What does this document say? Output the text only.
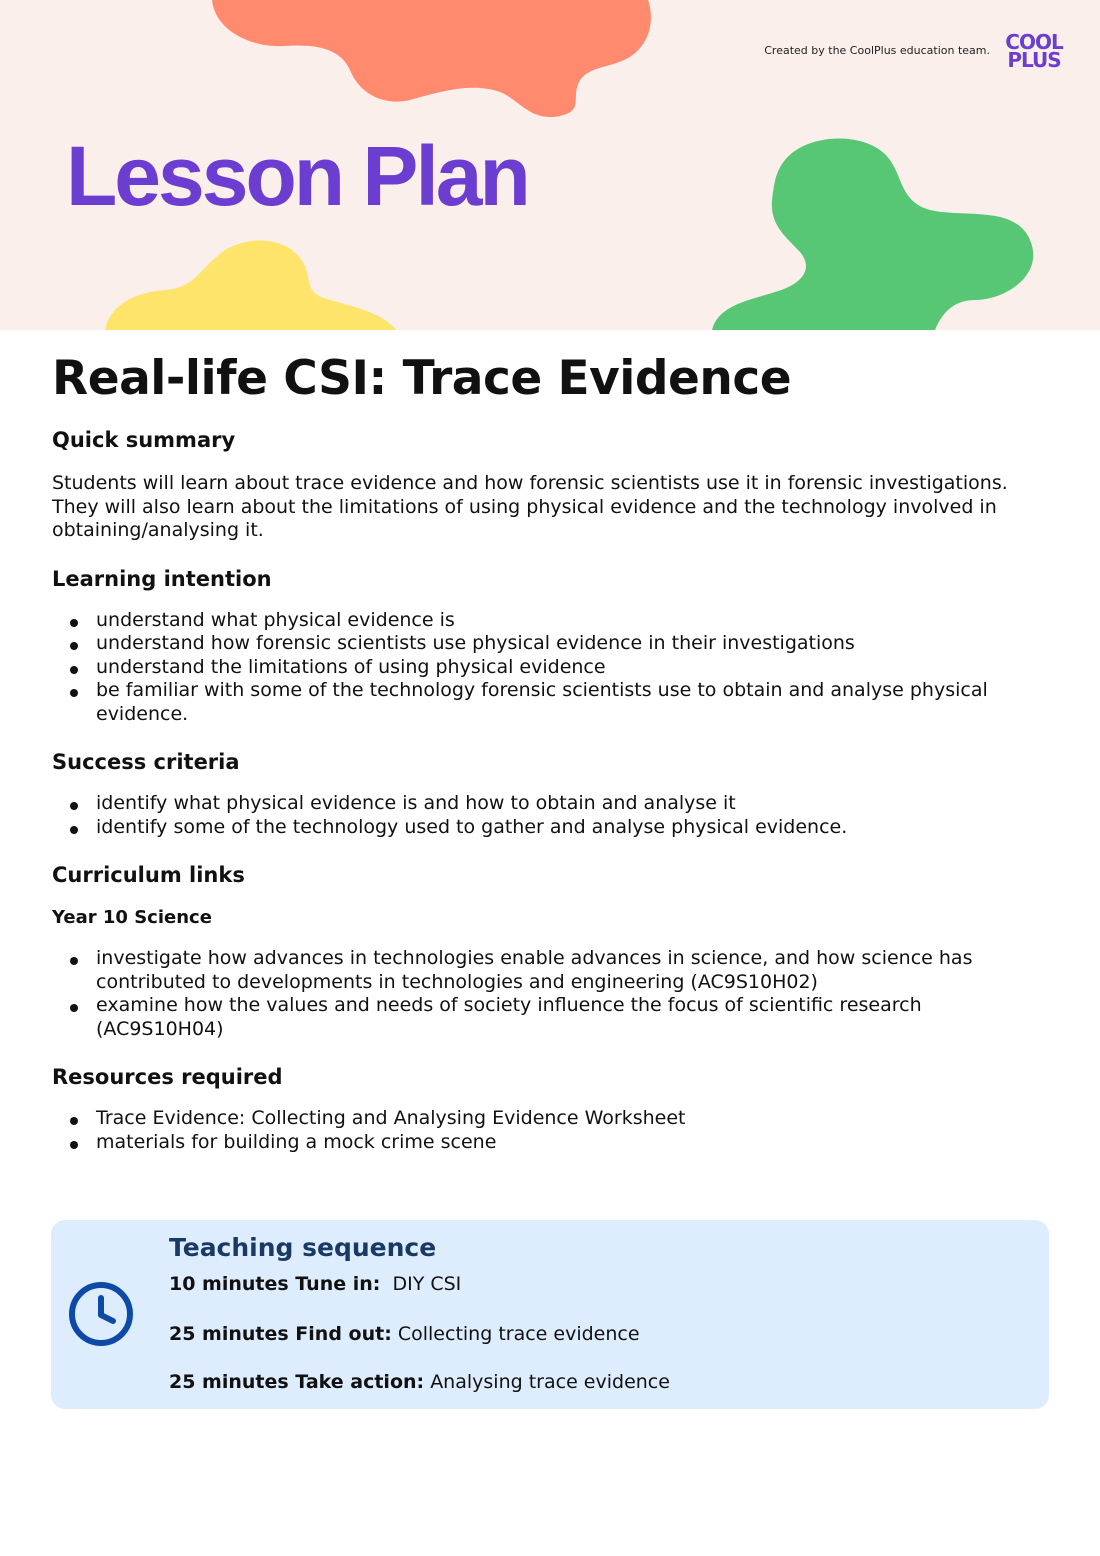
Created by the CoolPlus education team. COOL
PLUS
Lesson Plan
Real-life CSI: Trace Evidence
Quick summary

Students will learn about trace evidence and how forensic scientists use it in forensic investigations. They will also learn about the limitations of using physical evidence and the technology involved in obtaining/analysing it.

Learning intention
understand what physical evidence is
understand how forensic scientists use physical evidence in their investigations
understand the limitations of using physical evidence
be familiar with some of the technology forensic scientists use to obtain and analyse physical evidence.
Success criteria
identify what physical evidence is and how to obtain and analyse it
identify some of the technology used to gather and analyse physical evidence.
Curriculum links
Year 10 Science
investigate how advances in technologies enable advances in science, and how science has contributed to developments in technologies and engineering (AC9S10H02)
examine how the values and needs of society influence the focus of scientific research (AC9S10H04)
Resources required
Trace Evidence: Collecting and Analysing Evidence Worksheet
materials for building a mock crime scene
Teaching sequence
10 minutes Tune in: DIY CSI
25 minutes Find out: Collecting trace evidence
25 minutes Take action: Analysing trace evidence
